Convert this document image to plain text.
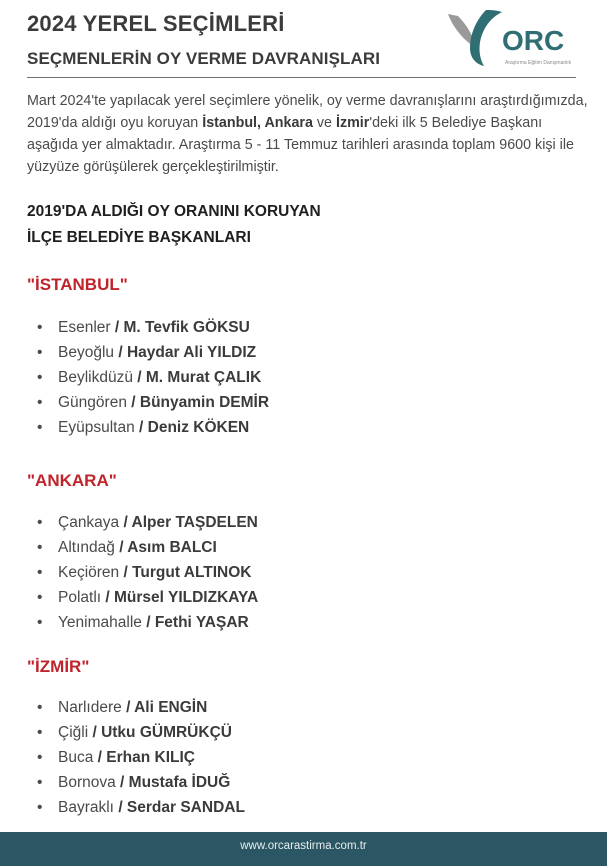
2024 YEREL SEÇİMLERİ
SEÇMENLERİN OY VERME DAVRANIŞLARI
ORC
Araştırma Eğitim Danışmanlık
Mart 2024'te yapılacak yerel seçimlere yönelik, oy verme davranışlarını araştırdığımızda, 2019'da aldığı oyu koruyan İstanbul, Ankara ve İzmir'deki ilk 5 Belediye Başkanı aşağıda yer almaktadır. Araştırma 5 - 11 Temmuz tarihleri arasında toplam 9600 kişi ile yüzyüze görüşülerek gerçekleştirilmiştir.
2019'DA ALDIĞI OY ORANINI KORUYAN
İLÇE BELEDİYE BAŞKANLARI
"İSTANBUL"
• Esenler / M. Tevfik GÖKSU
• Beyoğlu / Haydar Ali YILDIZ
• Beylikdüzü / M. Murat ÇALIK
• Güngören / Bünyamin DEMİR
• Eyüpsultan / Deniz KÖKEN
"ANKARA"
• Çankaya / Alper TAŞDELEN
• Altındağ / Asım BALCI
• Keçiören / Turgut ALTINOK
• Polatlı / Mürsel YILDIZKAYA
• Yenimahalle / Fethi YAŞAR
"İZMİR"
• Narlıdere / Ali ENGİN
• Çiğli / Utku GÜMRÜKÇÜ
• Buca / Erhan KILIÇ
• Bornova / Mustafa İDUĞ
• Bayraklı / Serdar SANDAL
www.orcarastirma.com.tr
